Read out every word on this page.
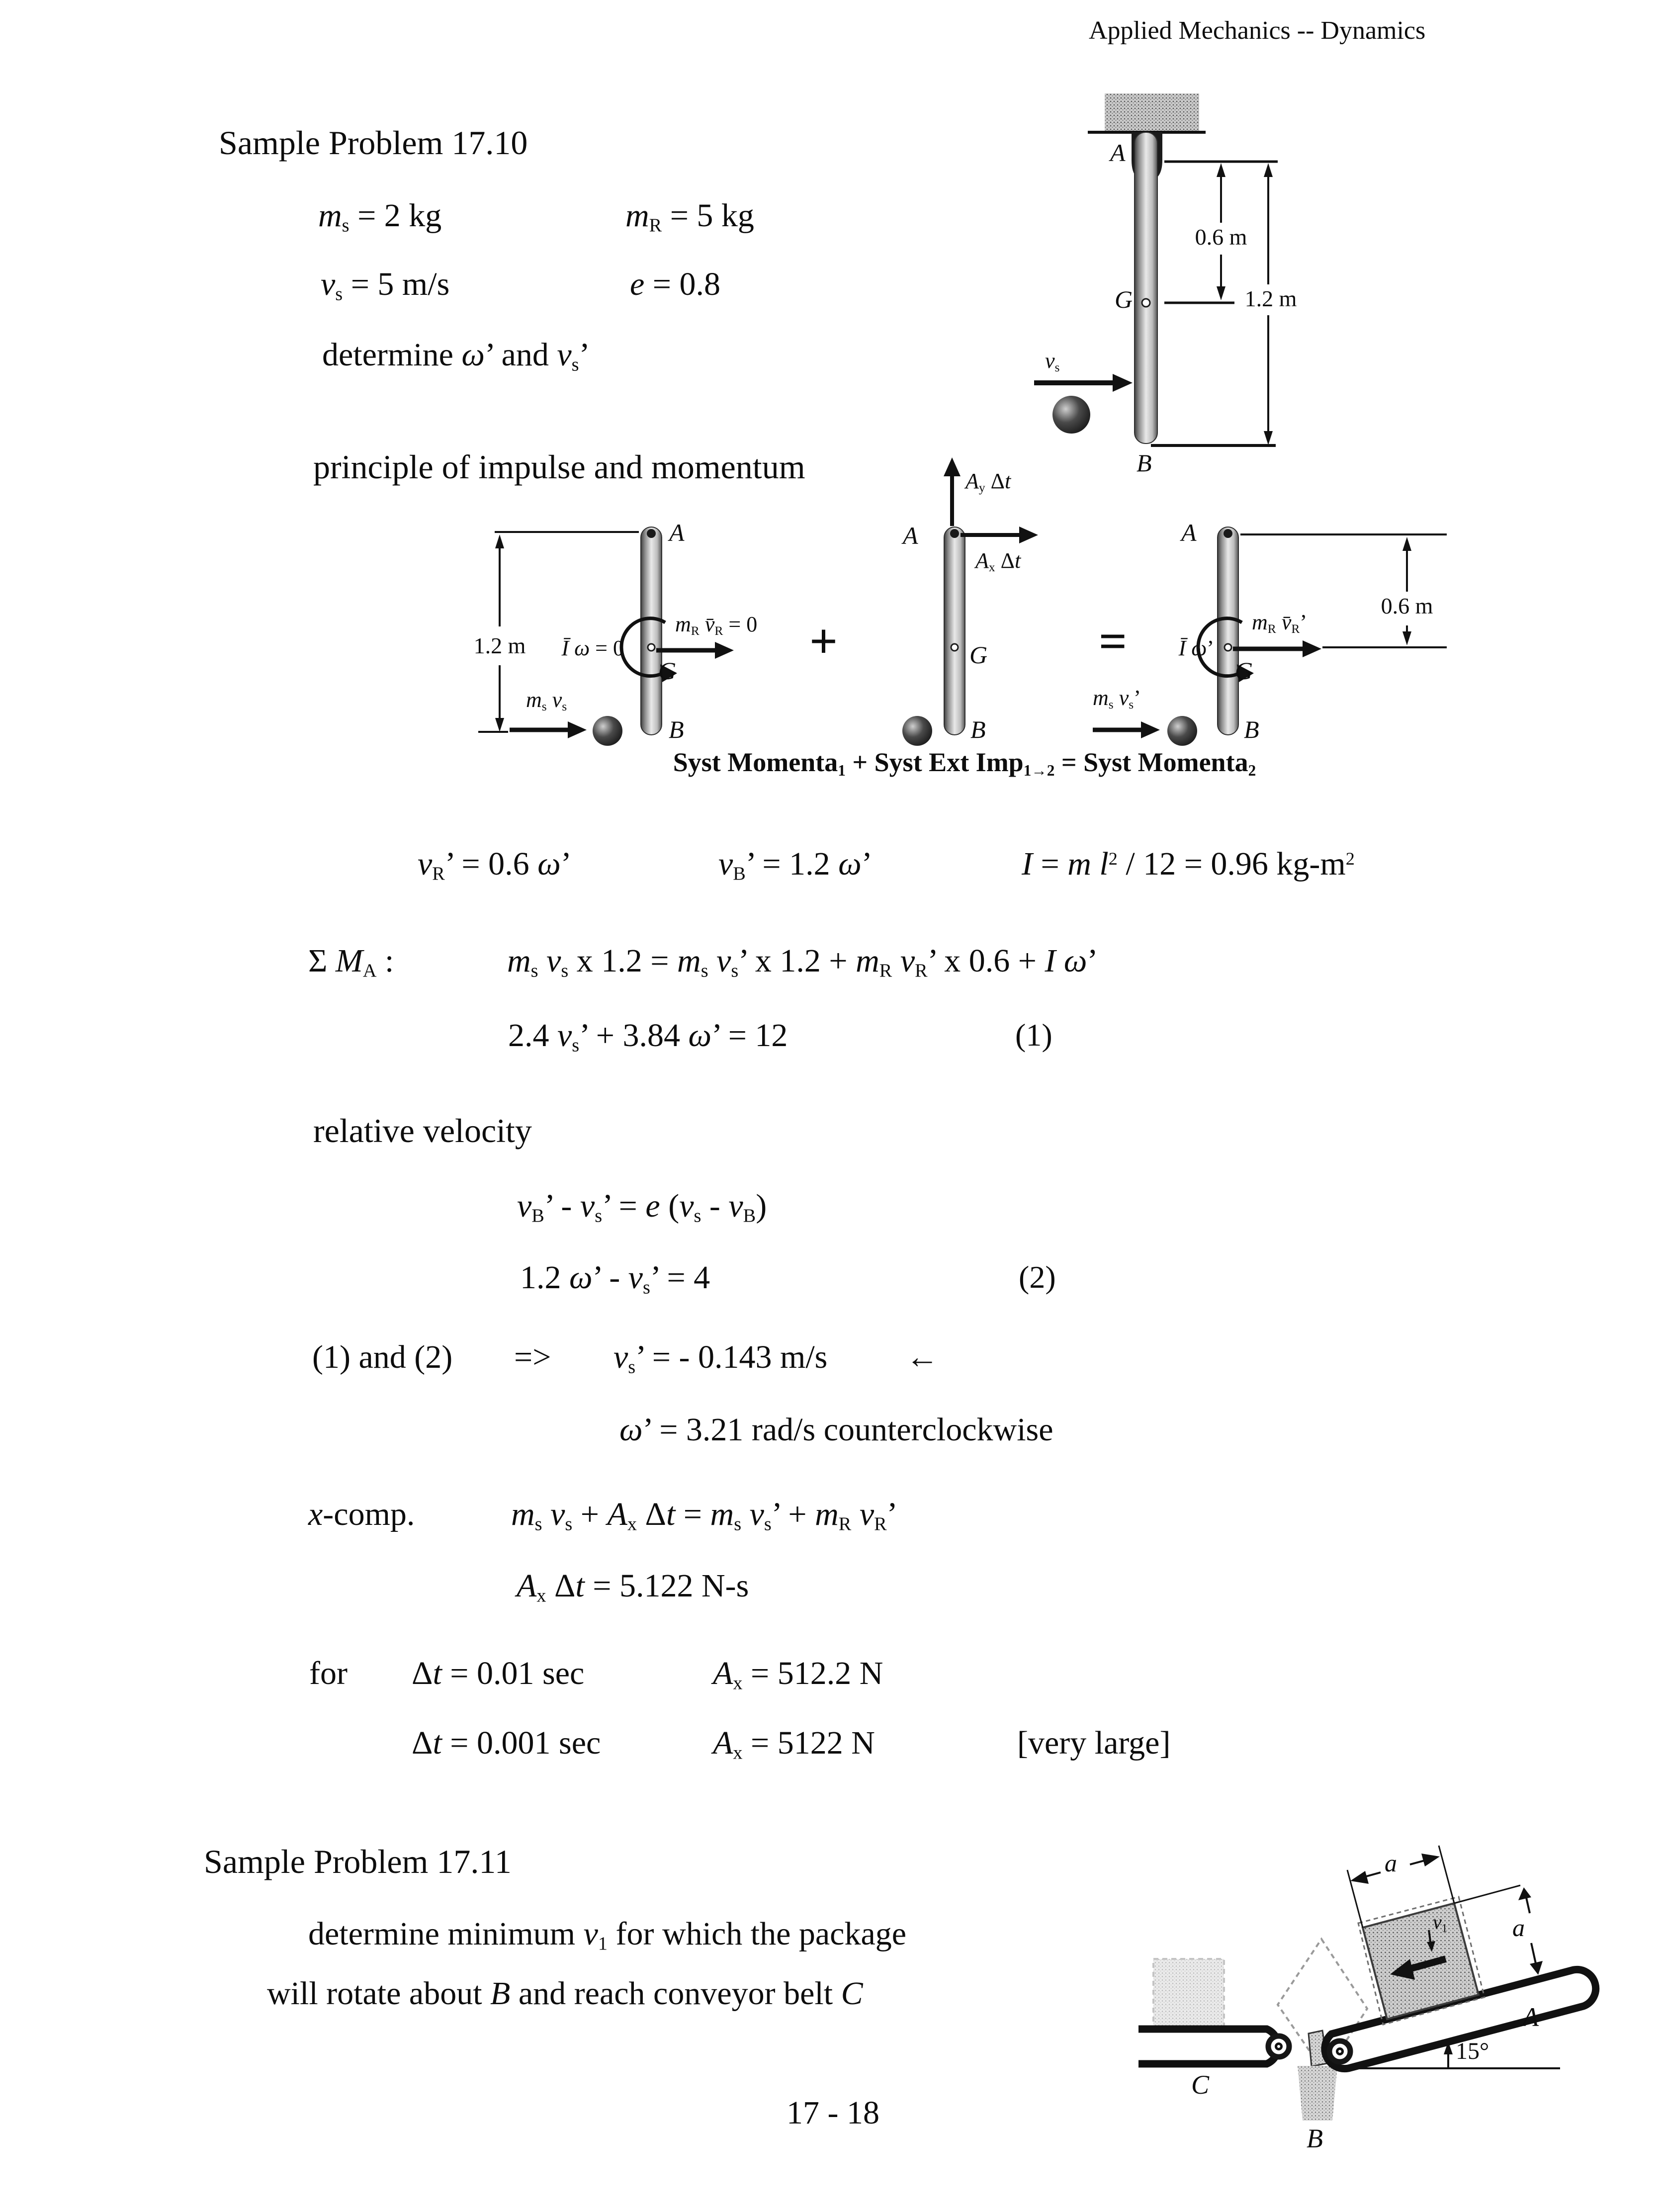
Applied Mechanics -- Dynamics
Sample Problem 17.10
ms = 2 kg	mR = 5 kg
vs = 5 m/s	e = 0.8
determine ω’ and vs’
principle of impulse and momentum
A
G
B
0.6 m
1.2 m
vs
1.2 m
A
Ī ω = 0
mR v̄R = 0
G
ms vs
B
+
A
Ay Δt
Ax Δt
G
B
=
A
0.6 m
Ī ω’
mR v̄R’
G
ms vs’
B
Syst Momenta1 + Syst Ext Imp1→2 = Syst Momenta2
vR’ = 0.6 ω’	vB’ = 1.2 ω’	I = m $l^2 / 12 = 0.96$ $kg-m^2$
Σ MA :	ms vs x 1.2 = ms vs’ x 1.2 + mR vR’ x 0.6 + I ω’
2.4 vs’ + 3.84 ω’ = 12	(1)
relative velocity
vB’ - vs’ = e (vs - vB)
1.2 ω’ - vs’ = 4	(2)
(1) and (2) => vs’ = - 0.143 m/s ←
ω’ = 3.21 rad/s counterclockwise
x-comp.	ms vs + Ax Δt = ms vs’ + mR vR’
Ax Δt = 5.122 N-s
for Δt = 0.01 sec	Ax = 512.2 N
Δt = 0.001 sec	Ax = 5122 N	[very large]
Sample Problem 17.11
determine minimum v1 for which the package
will rotate about B and reach conveyor belt C
v1
a
a
15°
A
B
C
17 - 18
